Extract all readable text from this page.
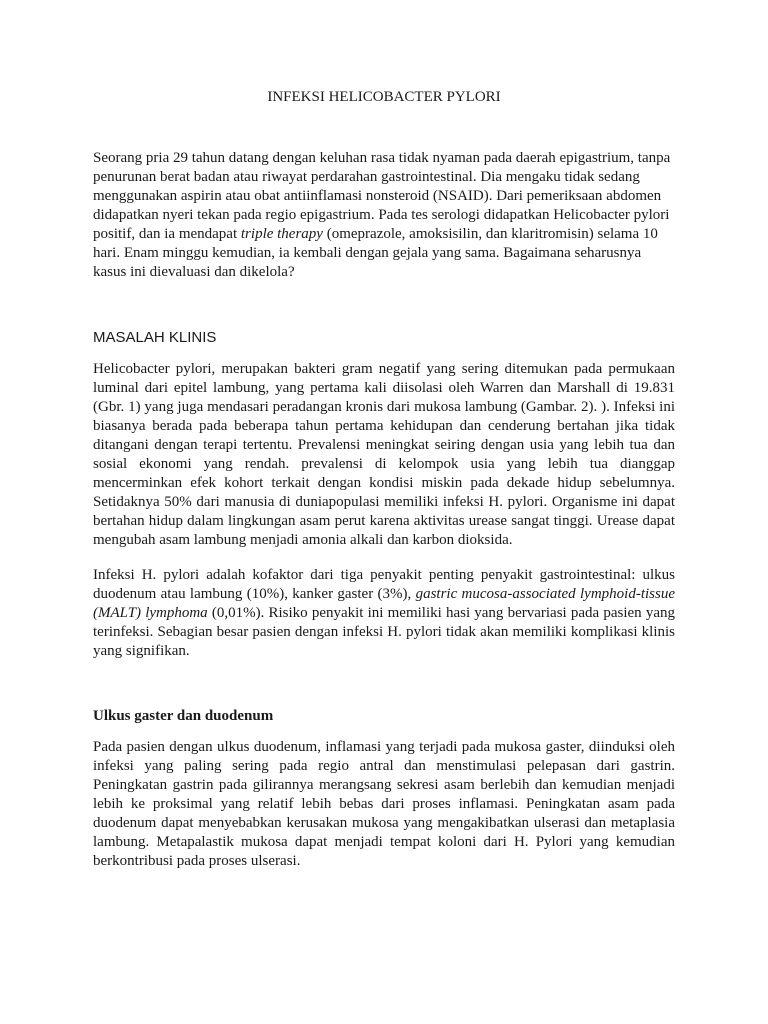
INFEKSI HELICOBACTER PYLORI

Seorang pria 29 tahun datang dengan keluhan rasa tidak nyaman pada daerah epigastrium, tanpa penurunan berat badan atau riwayat perdarahan gastrointestinal. Dia mengaku tidak sedang menggunakan aspirin atau obat antiinflamasi nonsteroid (NSAID). Dari pemeriksaan abdomen didapatkan nyeri tekan pada regio epigastrium. Pada tes serologi didapatkan Helicobacter pylori positif, dan ia mendapat triple therapy (omeprazole, amoksisilin, dan klaritromisin) selama 10 hari. Enam minggu kemudian, ia kembali dengan gejala yang sama. Bagaimana seharusnya kasus ini dievaluasi dan dikelola?

MASALAH KLINIS

Helicobacter pylori, merupakan bakteri gram negatif yang sering ditemukan pada permukaan luminal dari epitel lambung, yang pertama kali diisolasi oleh Warren dan Marshall di 19.831 (Gbr. 1) yang juga mendasari peradangan kronis dari mukosa lambung (Gambar. 2). ). Infeksi ini biasanya berada pada beberapa tahun pertama kehidupan dan cenderung bertahan jika tidak ditangani dengan terapi tertentu. Prevalensi meningkat seiring dengan usia yang lebih tua dan sosial ekonomi yang rendah. prevalensi di kelompok usia yang lebih tua dianggap mencerminkan efek kohort terkait dengan kondisi miskin pada dekade hidup sebelumnya. Setidaknya 50% dari manusia di duniapopulasi memiliki infeksi H. pylori. Organisme ini dapat bertahan hidup dalam lingkungan asam perut karena aktivitas urease sangat tinggi. Urease dapat mengubah asam lambung menjadi amonia alkali dan karbon dioksida.

Infeksi H. pylori adalah kofaktor dari tiga penyakit penting penyakit gastrointestinal: ulkus duodenum atau lambung (10%), kanker gaster (3%), gastric mucosa-associated lymphoid-tissue (MALT) lymphoma (0,01%). Risiko penyakit ini memiliki hasi yang bervariasi pada pasien yang terinfeksi. Sebagian besar pasien dengan infeksi H. pylori tidak akan memiliki komplikasi klinis yang signifikan.

Ulkus gaster dan duodenum

Pada pasien dengan ulkus duodenum, inflamasi yang terjadi pada mukosa gaster, diinduksi oleh infeksi yang paling sering pada regio antral dan menstimulasi pelepasan dari gastrin. Peningkatan gastrin pada gilirannya merangsang sekresi asam berlebih dan kemudian menjadi lebih ke proksimal yang relatif lebih bebas dari proses inflamasi. Peningkatan asam pada duodenum dapat menyebabkan kerusakan mukosa yang mengakibatkan ulserasi dan metaplasia lambung. Metapalastik mukosa dapat menjadi tempat koloni dari H. Pylori yang kemudian berkontribusi pada proses ulserasi.
